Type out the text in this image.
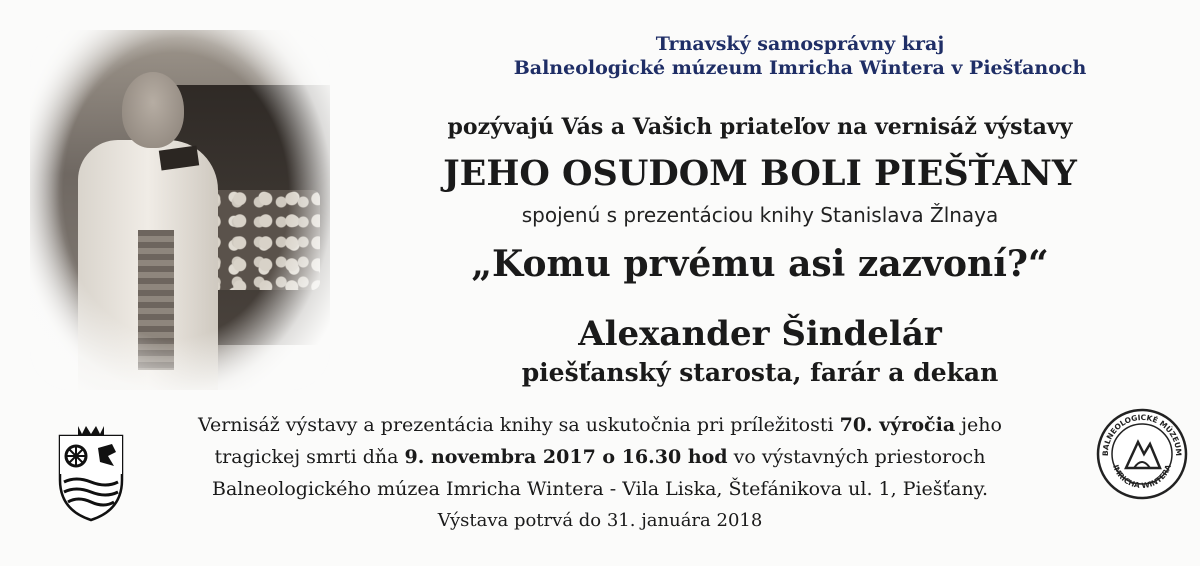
Trnavský samosprávny kraj
Balneologické múzeum Imricha Wintera v Piešťanoch
pozývajú Vás a Vašich priateľov na vernisáž výstavy
JEHO OSUDOM BOLI PIEŠŤANY
spojenú s prezentáciou knihy Stanislava Žlnaya
„Komu prvému asi zazvoní?“
Alexander Šindelár
piešťanský starosta, farár a dekan
Vernisáž výstavy a prezentácia knihy sa uskutočnia pri príležitosti 70. výročia jeho
tragickej smrti dňa 9. novembra 2017 o 16.30 hod vo výstavných priestoroch
Balneologického múzea Imricha Wintera - Vila Liska, Štefánikova ul. 1, Piešťany.
Výstava potrvá do 31. januára 2018
BALNEOLOGICKÉ MÚZEUM
IMRICHA WINTERA
